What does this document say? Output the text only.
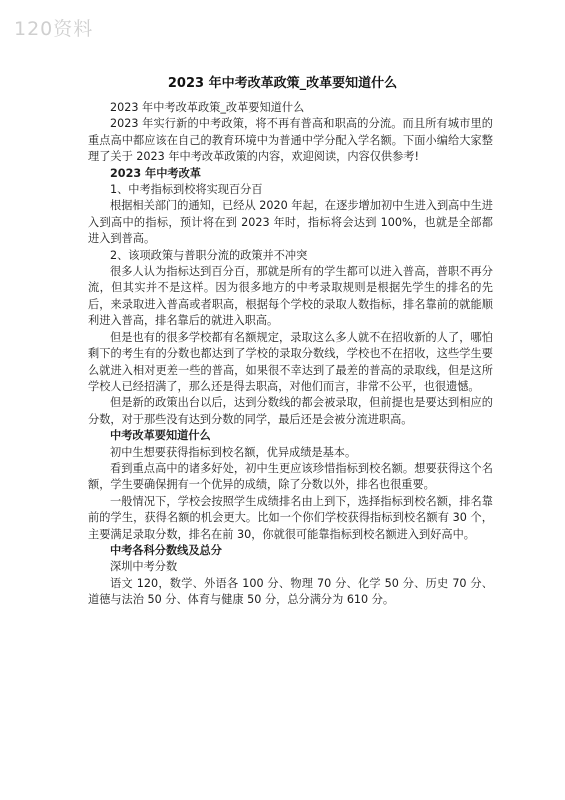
120资料
2023 年中考改革政策_改革要知道什么

2023 年中考改革政策_改革要知道什么

2023 年实行新的中考政策，将不再有普高和职高的分流。而且所有城市里的重点高中都应该在自己的教育环境中为普通中学分配入学名额。下面小编给大家整理了关于 2023 年中考改革政策的内容，欢迎阅读，内容仅供参考!

2023 年中考改革

1、中考指标到校将实现百分百

根据相关部门的通知，已经从 2020 年起，在逐步增加初中生进入到高中生进入到高中的指标，预计将在到 2023 年时，指标将会达到 100%，也就是全部都进入到普高。

2、该项政策与普职分流的政策并不冲突

很多人认为指标达到百分百，那就是所有的学生都可以进入普高，普职不再分流，但其实并不是这样。因为很多地方的中考录取规则是根据先学生的排名的先后，来录取进入普高或者职高，根据每个学校的录取人数指标，排名靠前的就能顺利进入普高，排名靠后的就进入职高。

但是也有的很多学校都有名额规定，录取这么多人就不在招收新的人了，哪怕剩下的考生有的分数也都达到了学校的录取分数线，学校也不在招收，这些学生要么就进入相对更差一些的普高，如果很不幸达到了最差的普高的录取线，但是这所学校人已经招满了，那么还是得去职高，对他们而言，非常不公平，也很遗憾。

但是新的政策出台以后，达到分数线的都会被录取，但前提也是要达到相应的分数，对于那些没有达到分数的同学，最后还是会被分流进职高。

中考改革要知道什么

初中生想要获得指标到校名额，优异成绩是基本。

看到重点高中的诸多好处，初中生更应该珍惜指标到校名额。想要获得这个名额，学生要确保拥有一个优异的成绩，除了分数以外，排名也很重要。

一般情况下，学校会按照学生成绩排名由上到下，选择指标到校名额，排名靠前的学生，获得名额的机会更大。比如一个你们学校获得指标到校名额有 30 个，主要满足录取分数，排名在前 30，你就很可能靠指标到校名额进入到好高中。

中考各科分数线及总分

深圳中考分数

语文 120，数学、外语各 100 分、物理 70 分、化学 50 分、历史 70 分、道德与法治 50 分、体育与健康 50 分，总分满分为 610 分。
